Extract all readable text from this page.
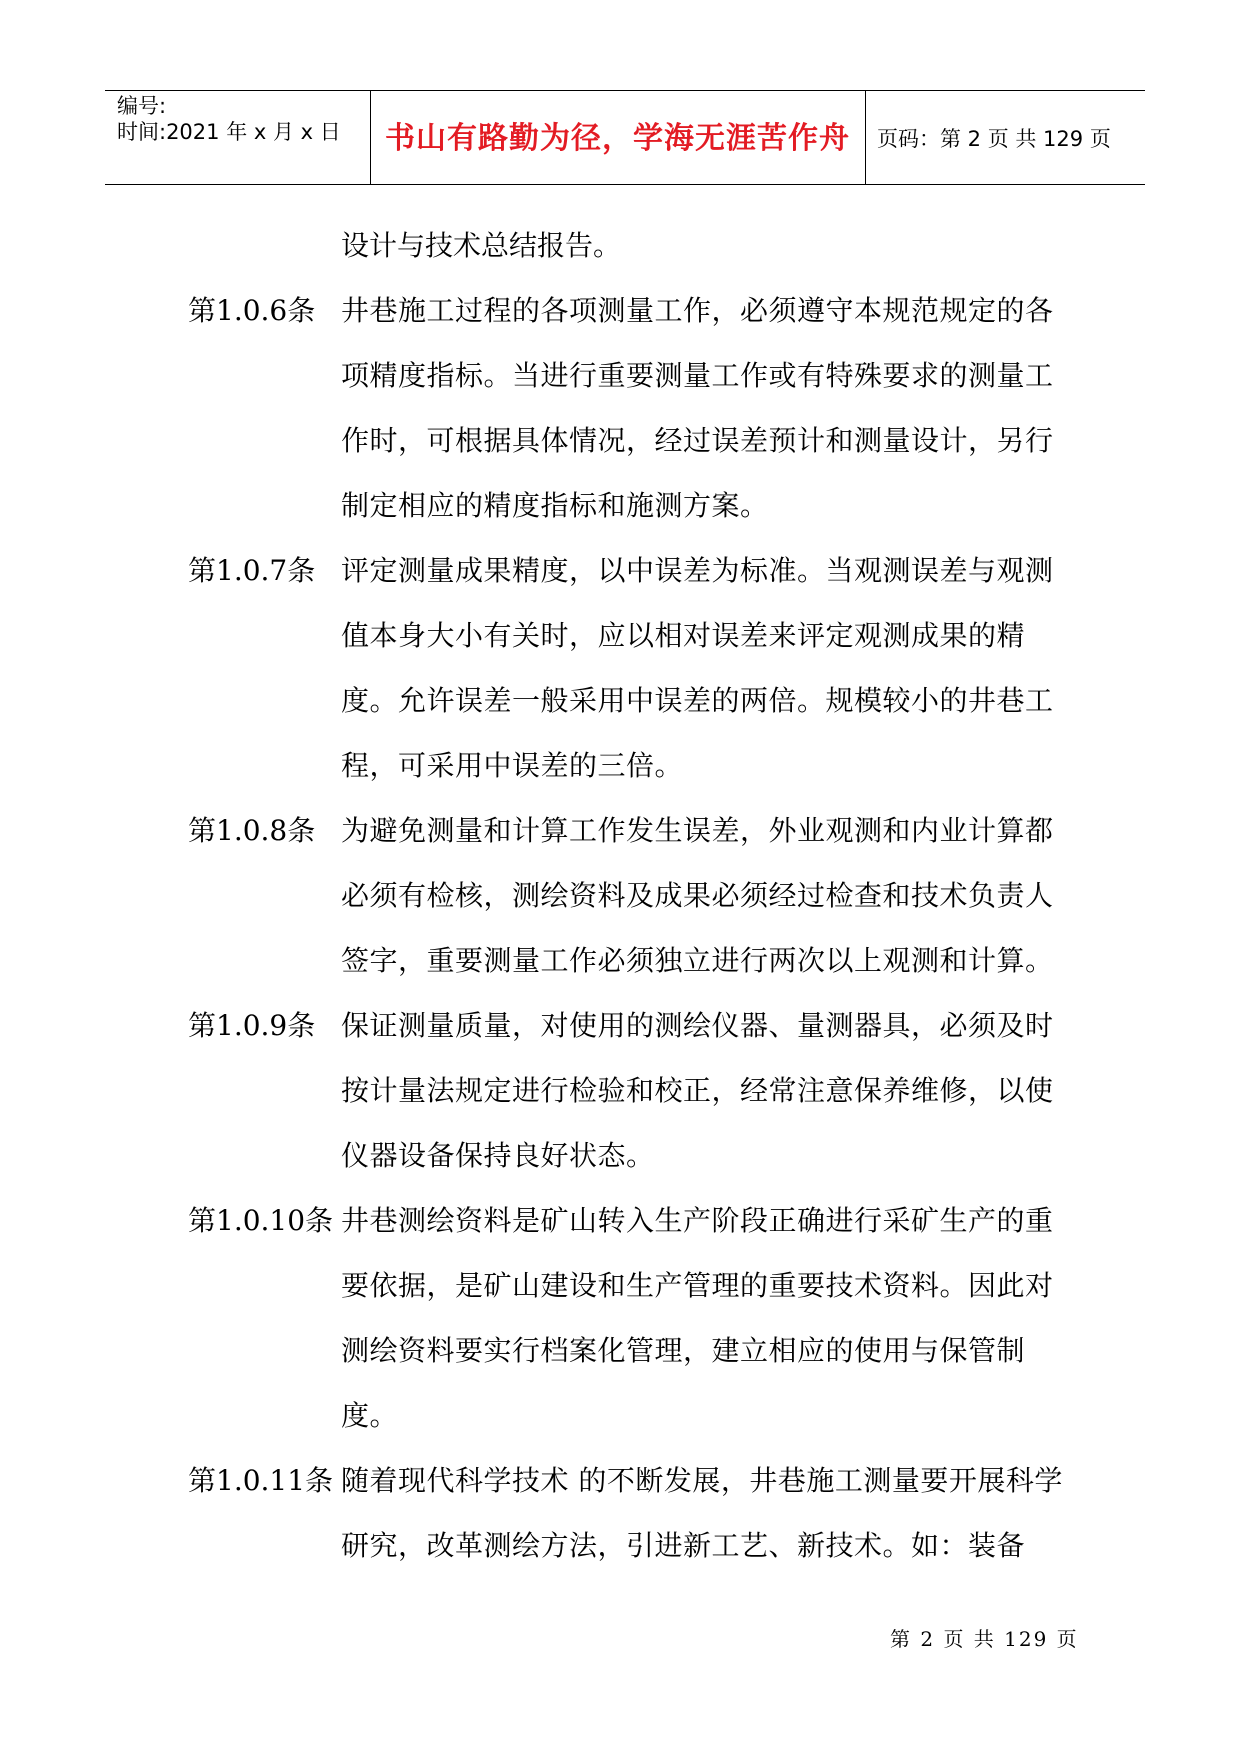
编号:
时间:2021 年 x 月 x 日	书山有路勤为径，学海无涯苦作舟	页码：第 2 页 共 129 页
设计与技术总结报告。
第1.0.6条 井巷施工过程的各项测量工作，必须遵守本规范规定的各项精度指标。当进行重要测量工作或有特殊要求的测量工作时，可根据具体情况，经过误差预计和测量设计，另行制定相应的精度指标和施测方案。
第1.0.7条 评定测量成果精度，以中误差为标准。当观测误差与观测值本身大小有关时，应以相对误差来评定观测成果的精度。允许误差一般采用中误差的两倍。规模较小的井巷工程，可采用中误差的三倍。
第1.0.8条 为避免测量和计算工作发生误差，外业观测和内业计算都必须有检核，测绘资料及成果必须经过检查和技术负责人签字，重要测量工作必须独立进行两次以上观测和计算。
第1.0.9条 保证测量质量，对使用的测绘仪器、量测器具，必须及时按计量法规定进行检验和校正，经常注意保养维修，以使仪器设备保持良好状态。
第1.0.10条 井巷测绘资料是矿山转入生产阶段正确进行采矿生产的重要依据，是矿山建设和生产管理的重要技术资料。因此对测绘资料要实行档案化管理，建立相应的使用与保管制度。
第1.0.11条 随着现代科学技术 的不断发展，井巷施工测量要开展科学研究，改革测绘方法，引进新工艺、新技术。如：装备
第 2 页 共 129 页
